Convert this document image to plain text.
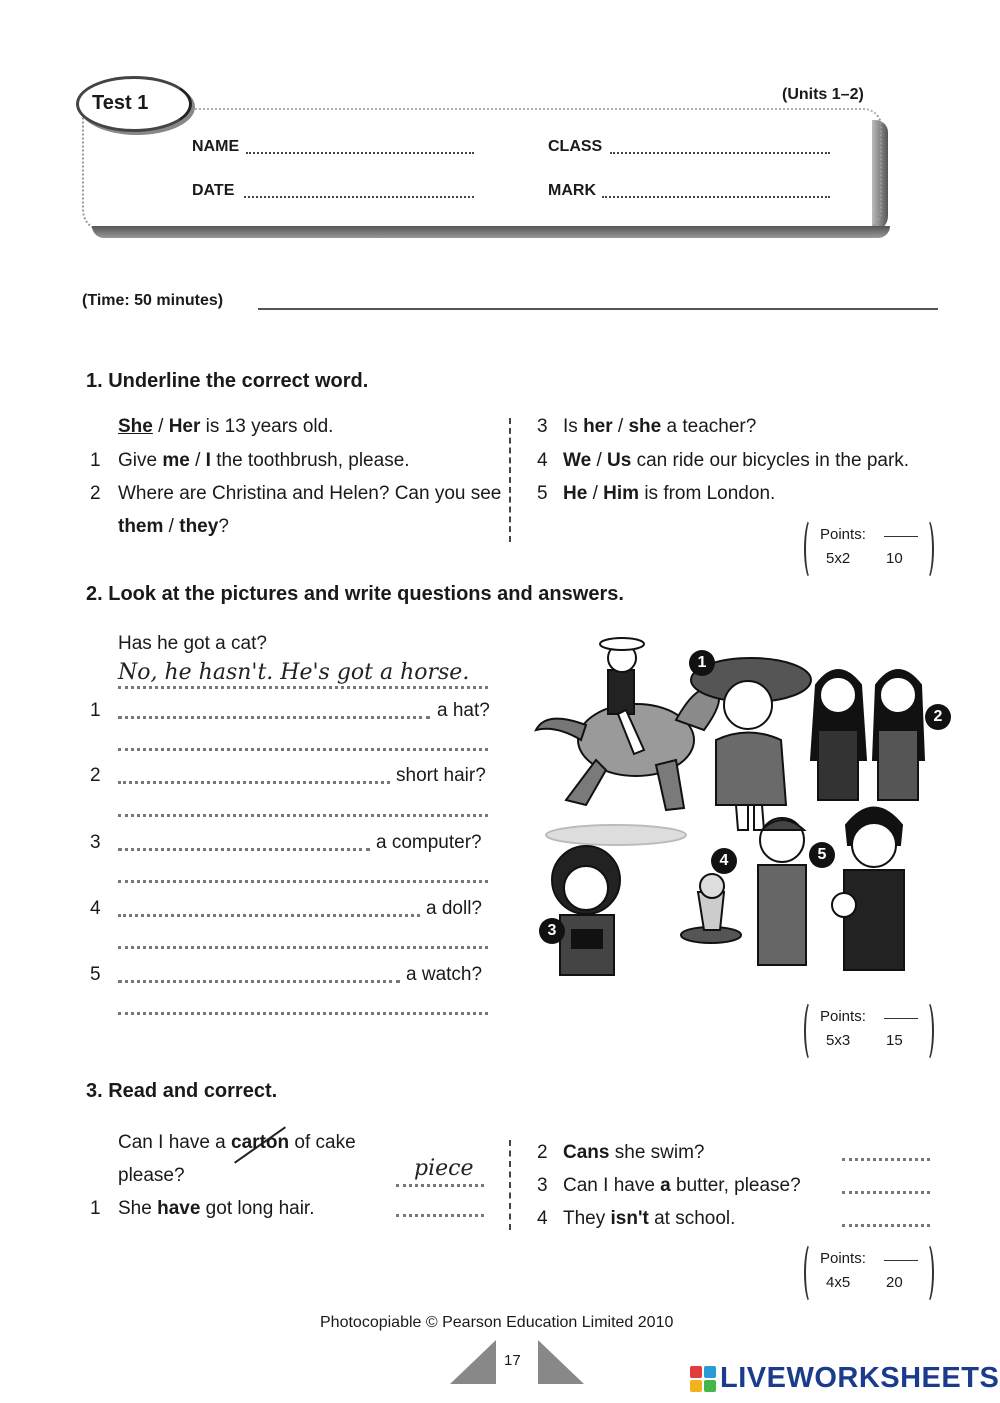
Test 1	(Units 1–2)
NAME	CLASS
DATE	MARK
(Time: 50 minutes)
1. Underline the correct word.
She / Her is 13 years old.
1 Give me / I the toothbrush, please.
2 Where are Christina and Helen? Can you see
them / they?
3 Is her / she a teacher?
4 We / Us can ride our bicycles in the park.
5 He / Him is from London.
Points:
5x2 10
2. Look at the pictures and write questions and answers.
Has he got a cat?
No, he hasn't. He's got a horse.
1	a hat?
2	short hair?
3	a computer?
4	a doll?
5	a watch?
1
2
3
4	5
Points:
5x3 15
3. Read and correct.
Can I have a carton of cake
please?	piece
1 She have got long hair.
2 Cans she swim?
3 Can I have a butter, please?
4 They isn't at school.
Points:
4x5 20
Photocopiable © Pearson Education Limited 2010
17
LIVEWORKSHEETS
